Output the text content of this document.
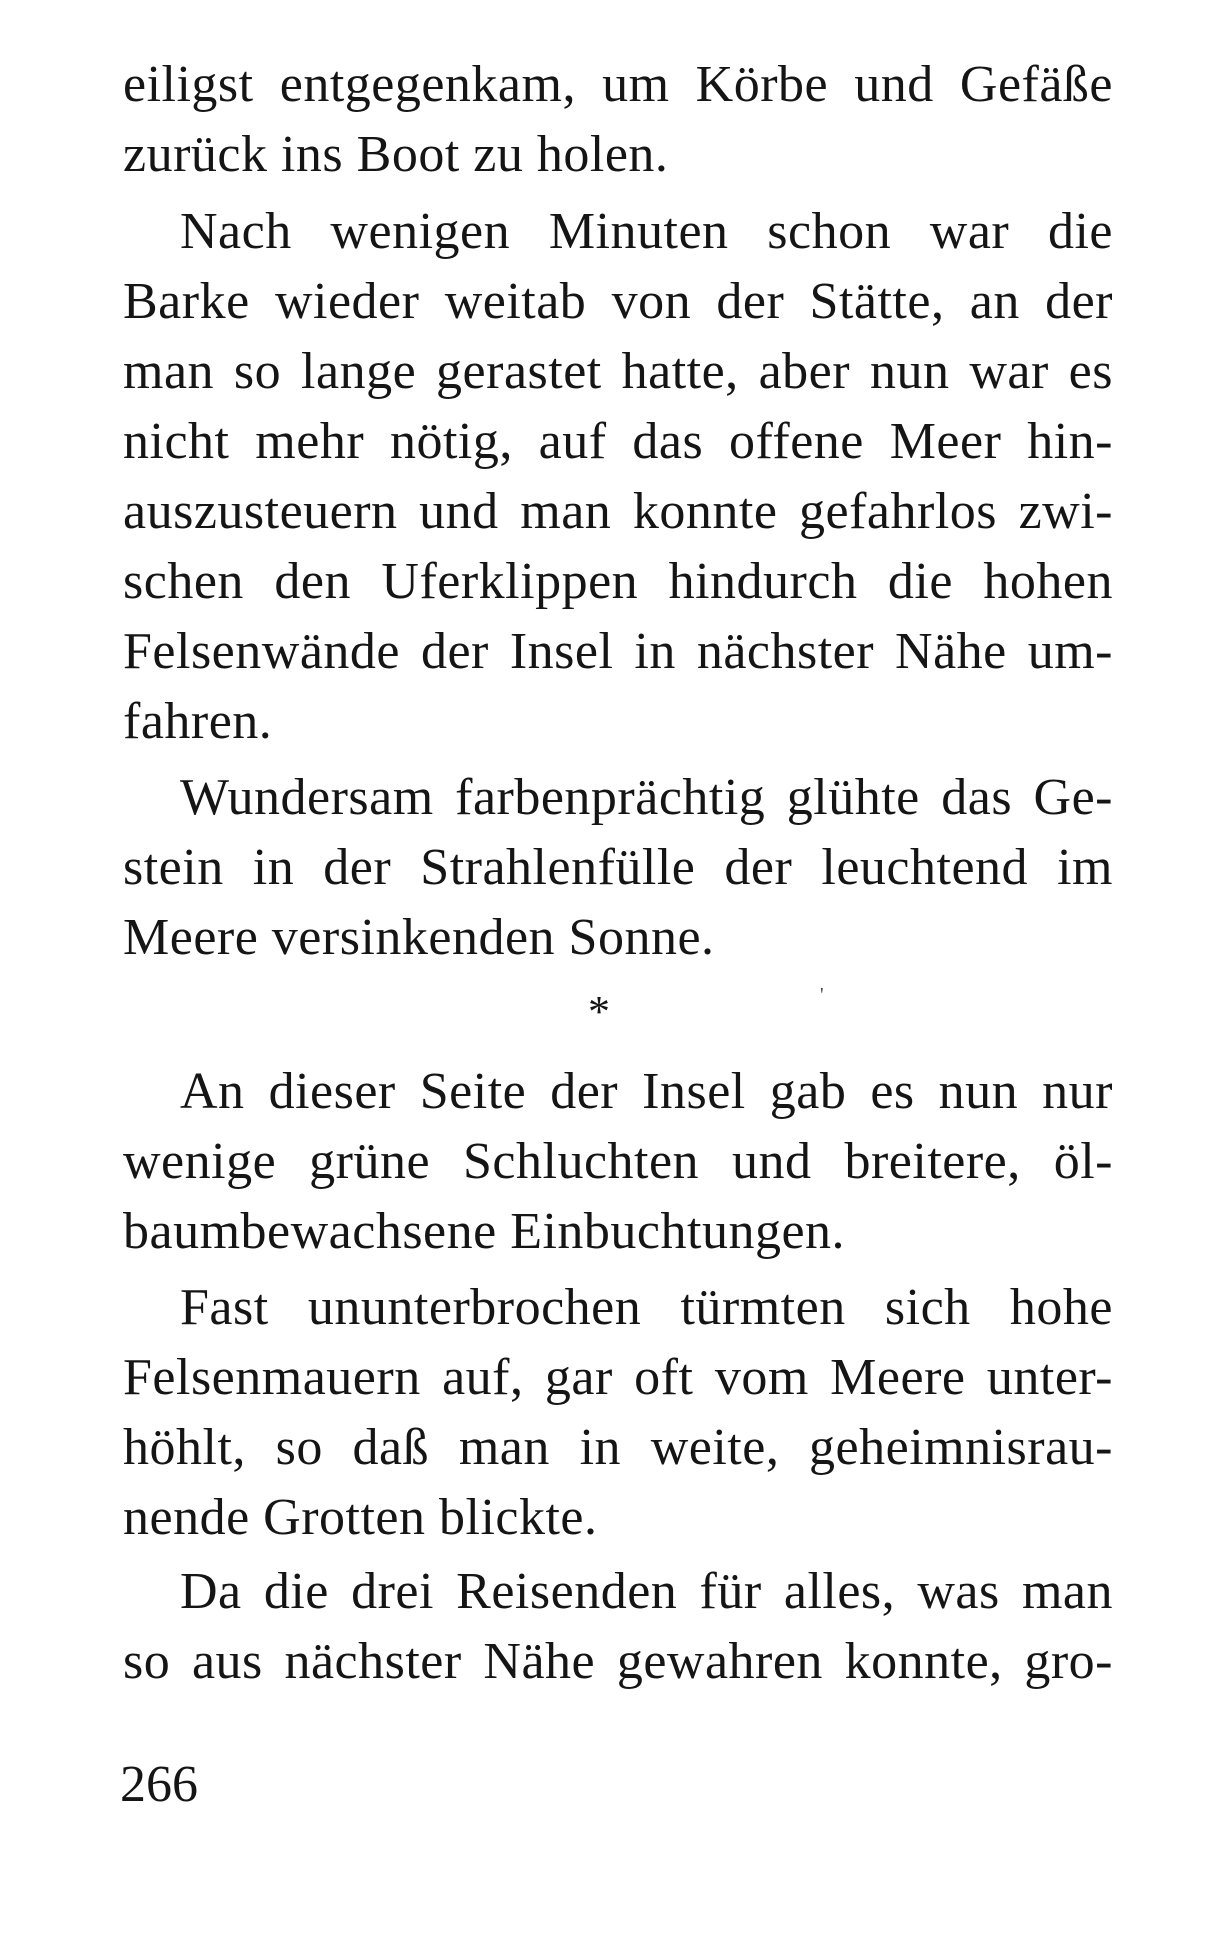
eiligst entgegenkam, um Körbe und Gefäße
zurück ins Boot zu holen.
Nach wenigen Minuten schon war die
Barke wieder weitab von der Stätte, an der
man so lange gerastet hatte, aber nun war es
nicht mehr nötig, auf das offene Meer hin-
auszusteuern und man konnte gefahrlos zwi-
schen den Uferklippen hindurch die hohen
Felsenwände der Insel in nächster Nähe um-
fahren.
Wundersam farbenprächtig glühte das Ge-
stein in der Strahlenfülle der leuchtend im
Meere versinkenden Sonne.
*	'
An dieser Seite der Insel gab es nun nur
wenige grüne Schluchten und breitere, öl-
baumbewachsene Einbuchtungen.
Fast ununterbrochen türmten sich hohe
Felsenmauern auf, gar oft vom Meere unter-
höhlt, so daß man in weite, geheimnisrau-
nende Grotten blickte.
Da die drei Reisenden für alles, was man
so aus nächster Nähe gewahren konnte, gro-
266
